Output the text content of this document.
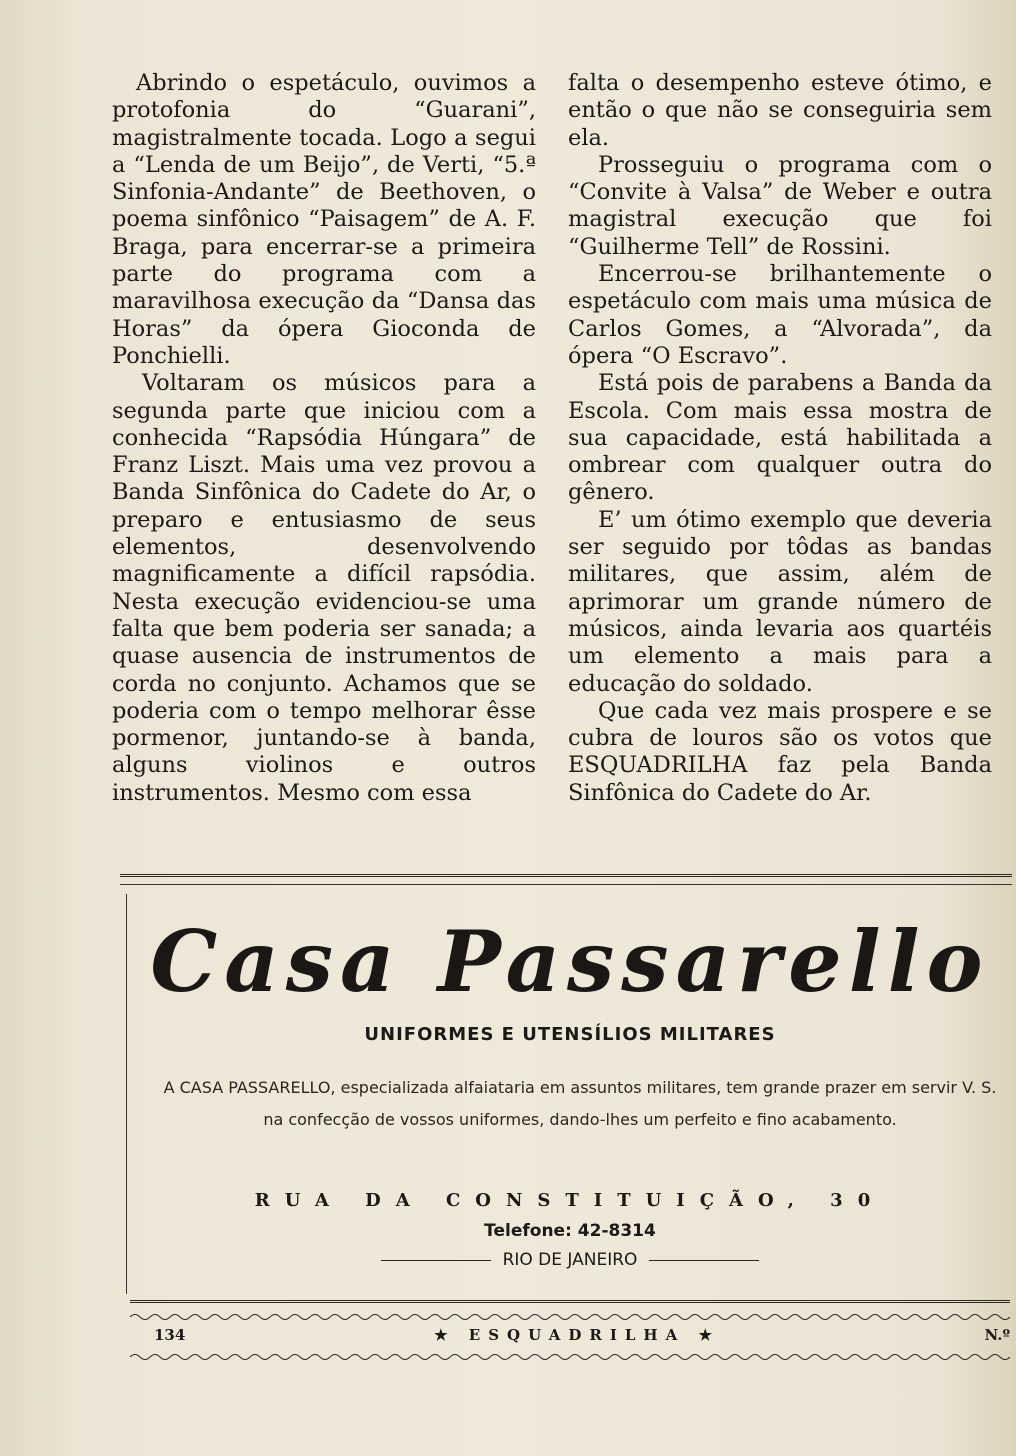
Abrindo o espetáculo, ouvimos a protofonia do “Guarani”, magistralmente tocada. Logo a segui a “Lenda de um Beijo”, de Verti, “5.ª Sinfonia-Andante” de Beethoven, o poema sinfônico “Paisagem” de A. F. Braga, para encerrar-se a primeira parte do programa com a maravilhosa execução da “Dansa das Horas” da ópera Gioconda de Ponchielli.

Voltaram os músicos para a segunda parte que iniciou com a conhecida “Rapsódia Húngara” de Franz Liszt. Mais uma vez provou a Banda Sinfônica do Cadete do Ar, o preparo e entusiasmo de seus elementos, desenvolvendo magnificamente a difícil rapsódia. Nesta execução evidenciou-se uma falta que bem poderia ser sanada; a quase ausencia de instrumentos de corda no conjunto. Achamos que se poderia com o tempo melhorar êsse pormenor, juntando-se à banda, alguns violinos e outros instrumentos. Mesmo com essa

falta o desempenho esteve ótimo, e então o que não se conseguiria sem ela.

Prosseguiu o programa com o “Convite à Valsa” de Weber e outra magistral execução que foi “Guilherme Tell” de Rossini.

Encerrou-se brilhantemente o espetáculo com mais uma música de Carlos Gomes, a “Alvorada”, da ópera “O Escravo”.

Está pois de parabens a Banda da Escola. Com mais essa mostra de sua capacidade, está habilitada a ombrear com qualquer outra do gênero.

E’ um ótimo exemplo que deveria ser seguido por tôdas as bandas militares, que assim, além de aprimorar um grande número de músicos, ainda levaria aos quartéis um elemento a mais para a educação do soldado.

Que cada vez mais prospere e se cubra de louros são os votos que ESQUADRILHA faz pela Banda Sinfônica do Cadete do Ar.

Casa Passarello
UNIFORMES E UTENSÍLIOS MILITARES
A CASA PASSARELLO, especializada alfaiataria em assuntos militares, tem grande prazer em servir V. S. na confecção de vossos uniformes, dando-lhes um perfeito e fino acabamento.
RUA DA CONSTITUIÇÃO, 30
Telefone: 42-8314
RIO DE JANEIRO
134	★ ESQUADRILHA ★	N.º
